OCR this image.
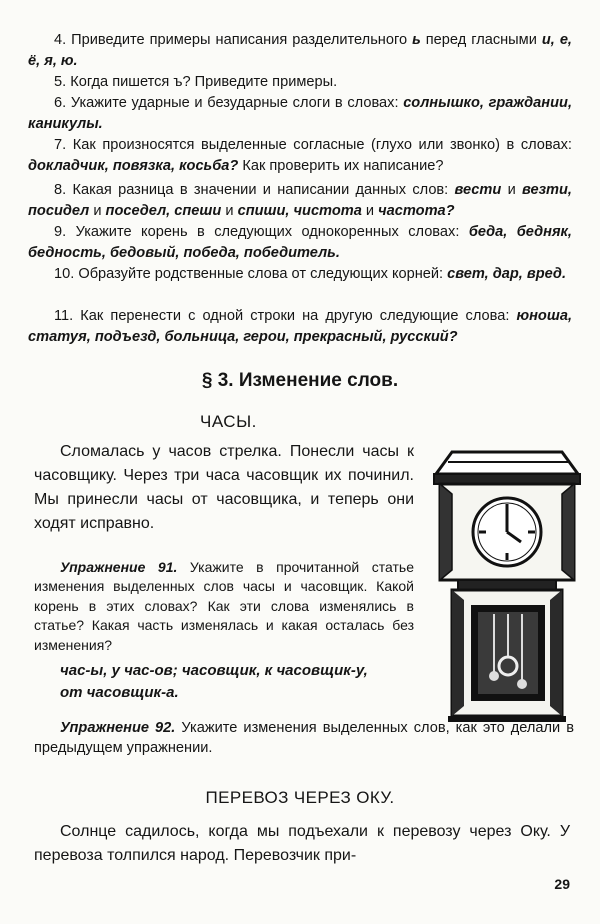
4. Приведите примеры написания разделительного ь перед гласными и, е, ё, я, ю.
5. Когда пишется ъ? Приведите примеры.
6. Укажите ударные и безударные слоги в словах: солнышко, граждании, каникулы.
7. Как произносятся выделенные согласные (глухо или звонко) в словах: докладчик, повязка, косьба? Как проверить их написание?
8. Какая разница в значении и написании данных слов: вести и везти, посидел и поседел, спеши и спиши, чистота и частота?
9. Укажите корень в следующих однокоренных словах: беда, бедняк, бедность, бедовый, победа, победитель.
10. Образуйте родственные слова от следующих корней: свет, дар, вред.
11. Как перенести с одной строки на другую следующие слова: юноша, статуя, подъезд, больница, герои, прекрасный, русский?
§ 3. Изменение слов.
ЧАСЫ.
Сломалась у часов стрелка. Понесли часы к часовщику. Через три часа часовщик их починил. Мы принесли часы от часовщика, и теперь они ходят исправно.
Упражнение 91. Укажите в прочитанной статье изменения выделенных слов часы и часовщик. Какой корень в этих словах? Как эти слова изменялись в статье? Какая часть изменялась и какая осталась без изменения?
час-ы, у час-ов; часовщик, к часовщик-у,
от часовщик-а.
Упражнение 92. Укажите изменения выделенных слов, как это делали в предыдущем упражнении.
ПЕРЕВОЗ ЧЕРЕЗ ОКУ.
Солнце садилось, когда мы подъехали к перевозу через Оку. У перевоза толпился народ. Перевозчик при-
29
